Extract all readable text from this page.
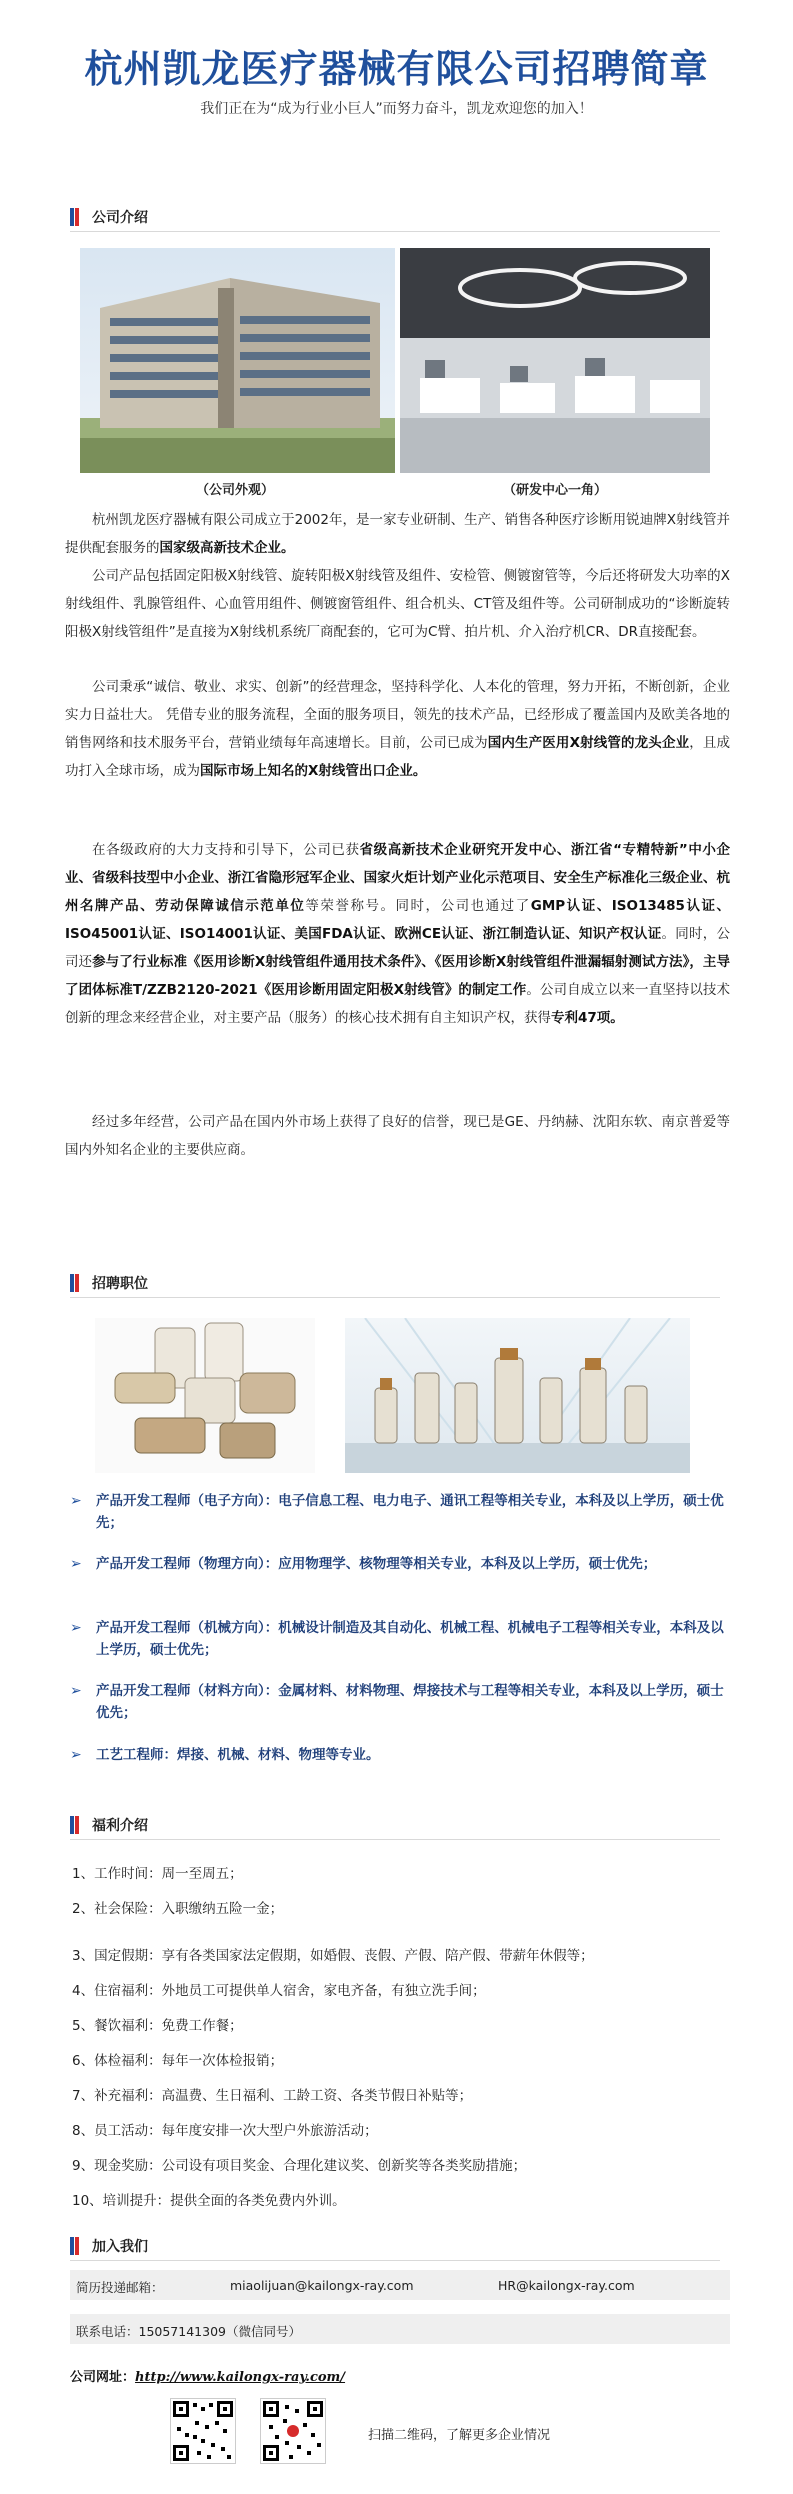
杭州凯龙医疗器械有限公司招聘简章
我们正在为“成为行业小巨人”而努力奋斗，凯龙欢迎您的加入！
公司介绍
（公司外观）	（研发中心一角）
杭州凯龙医疗器械有限公司成立于2002年，是一家专业研制、生产、销售各种医疗诊断用锐迪牌X射线管并提供配套服务的国家级高新技术企业。
公司产品包括固定阳极X射线管、旋转阳极X射线管及组件、安检管、侧镀窗管等，今后还将研发大功率的X射线组件、乳腺管组件、心血管用组件、侧镀窗管组件、组合机头、CT管及组件等。公司研制成功的“诊断旋转阳极X射线管组件”是直接为X射线机系统厂商配套的，它可为C臂、拍片机、介入治疗机CR、DR直接配套。
公司秉承“诚信、敬业、求实、创新”的经营理念，坚持科学化、人本化的管理，努力开拓，不断创新，企业实力日益壮大。 凭借专业的服务流程，全面的服务项目，领先的技术产品，已经形成了覆盖国内及欧美各地的销售网络和技术服务平台，营销业绩每年高速增长。目前，公司已成为国内生产医用X射线管的龙头企业，且成功打入全球市场，成为国际市场上知名的X射线管出口企业。
在各级政府的大力支持和引导下，公司已获省级高新技术企业研究开发中心、浙江省“专精特新”中小企业、省级科技型中小企业、浙江省隐形冠军企业、国家火炬计划产业化示范项目、安全生产标准化三级企业、杭州名牌产品、劳动保障诚信示范单位等荣誉称号。同时，公司也通过了GMP认证、ISO13485认证、ISO45001认证、ISO14001认证、美国FDA认证、欧洲CE认证、浙江制造认证、知识产权认证。同时，公司还参与了行业标准《医用诊断X射线管组件通用技术条件》、《医用诊断X射线管组件泄漏辐射测试方法》，主导了团体标准T/ZZB2120-2021《医用诊断用固定阳极X射线管》的制定工作。公司自成立以来一直坚持以技术创新的理念来经营企业，对主要产品（服务）的核心技术拥有自主知识产权，获得专利47项。
经过多年经营，公司产品在国内外市场上获得了良好的信誉，现已是GE、丹纳赫、沈阳东软、南京普爱等国内外知名企业的主要供应商。
招聘职位
➢ 产品开发工程师（电子方向）：电子信息工程、电力电子、通讯工程等相关专业，本科及以上学历，硕士优先；
➢ 产品开发工程师（物理方向）：应用物理学、核物理等相关专业，本科及以上学历，硕士优先；
➢ 产品开发工程师（机械方向）：机械设计制造及其自动化、机械工程、机械电子工程等相关专业，本科及以上学历，硕士优先；
➢ 产品开发工程师（材料方向）：金属材料、材料物理、焊接技术与工程等相关专业，本科及以上学历，硕士优先；
➢ 工艺工程师：焊接、机械、材料、物理等专业。
福利介绍
1、工作时间：周一至周五；
2、社会保险：入职缴纳五险一金；
3、国定假期：享有各类国家法定假期，如婚假、丧假、产假、陪产假、带薪年休假等；
4、住宿福利：外地员工可提供单人宿舍，家电齐备，有独立洗手间；
5、餐饮福利：免费工作餐；
6、体检福利：每年一次体检报销；
7、补充福利：高温费、生日福利、工龄工资、各类节假日补贴等；
8、员工活动：每年度安排一次大型户外旅游活动；
9、现金奖励：公司设有项目奖金、合理化建议奖、创新奖等各类奖励措施；
10、培训提升：提供全面的各类免费内外训。
加入我们
简历投递邮箱：	miaolijuan@kailongx-ray.com	HR@kailongx-ray.com
联系电话：15057141309（微信同号）
公司网址：http://www.kailongx-ray.com/
扫描二维码，了解更多企业情况
